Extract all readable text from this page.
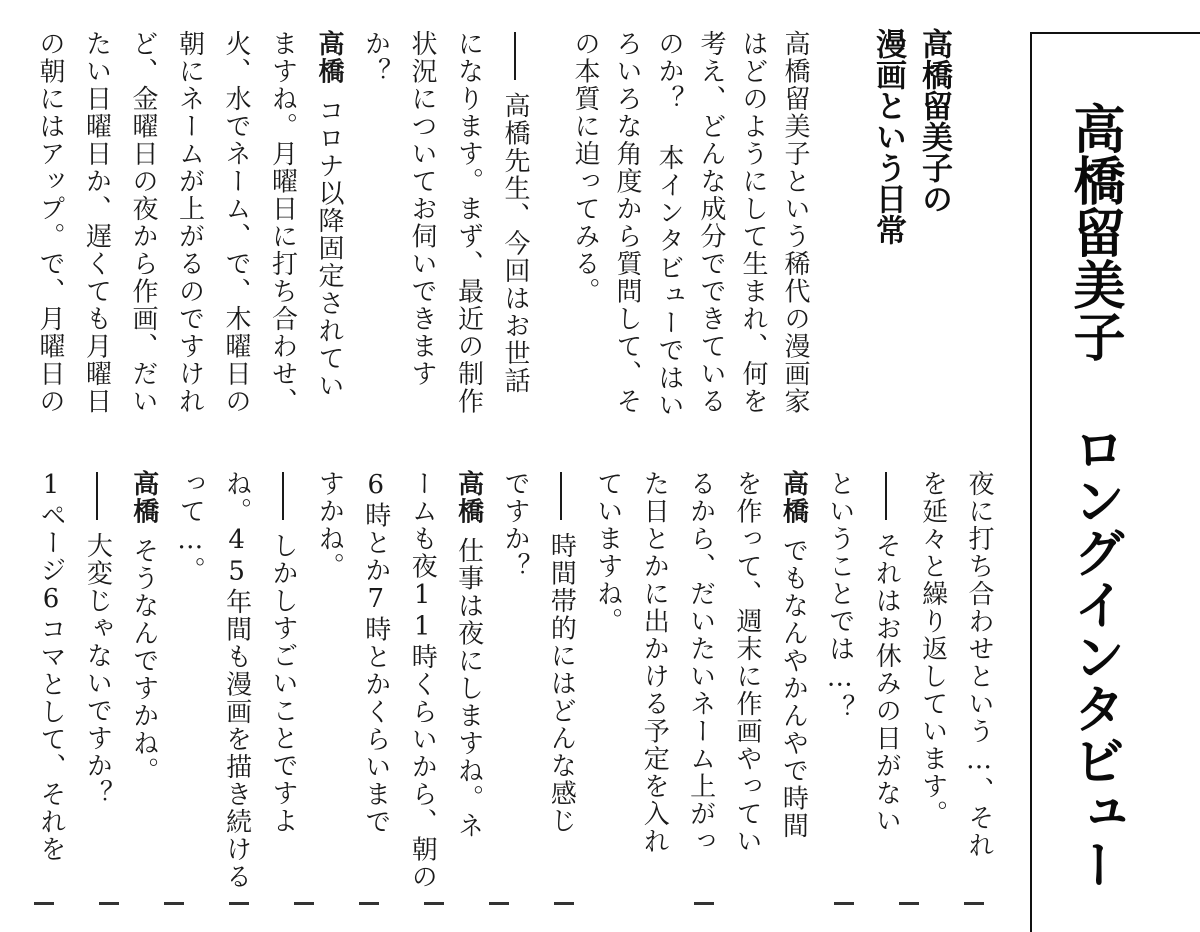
高橋留美子 ロングインタビュー
高橋留美子の
漫画という日常
高橋留美子という稀代の漫画家
はどのようにして生まれ、何を
考え、どんな成分でできている
のか？ 本インタビューではい
ろいろな角度から質問して、そ
の本質に迫ってみる。
高橋先生、今回はお世話
になります。まず、最近の制作
状況についてお伺いできます
か？
高橋コロナ以降固定されてい
ますね。月曜日に打ち合わせ、
火、水でネーム、で、木曜日の
朝にネームが上がるのですけれ
ど、金曜日の夜から作画、だい
たい日曜日か、遅くても月曜日
の朝にはアップ。で、月曜日の
夜に打ち合わせという…、それ
を延々と繰り返しています。
それはお休みの日がない
ということでは…？
高橋でもなんやかんやで時間
を作って、週末に作画やってい
るから、だいたいネーム上がっ
た日とかに出かける予定を入れ
ていますね。
時間帯的にはどんな感じ
ですか？
高橋仕事は夜にしますね。ネ
ームも夜11時くらいから、朝の
6時とか7時とかくらいまで
すかね。
しかしすごいことですよ
ね。45年間も漫画を描き続ける
って…。
高橋そうなんですかね。
大変じゃないですか？
1ページ6コマとして、それを
